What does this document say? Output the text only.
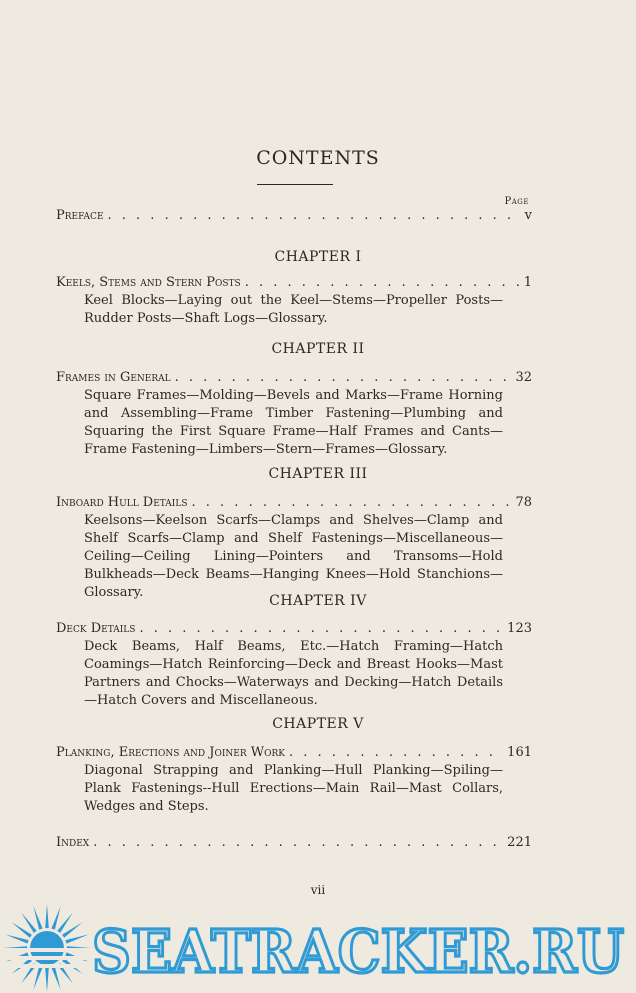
CONTENTS
Page
Preface . . .	v
CHAPTER I
Keels, Stems and Stern Posts . . .	1
Keel Blocks—Laying out the Keel—Stems—Propeller Posts—Rudder Posts—Shaft Logs—Glossary.
CHAPTER II
Frames in General . . .	32
Square Frames—Molding—Bevels and Marks—Frame Horning and Assembling—Frame Timber Fastening—Plumbing and Squaring the First Square Frame—Half Frames and Cants—Frame Fastening—Limbers—Stern—Frames—Glossary.
CHAPTER III
Inboard Hull Details . . .	78
Keelsons—Keelson Scarfs—Clamps and Shelves—Clamp and Shelf Scarfs—Clamp and Shelf Fastenings—Miscellaneous—Ceiling—Ceiling Lining—Pointers and Transoms—Hold Bulkheads—Deck Beams—Hanging Knees—Hold Stanchions—Glossary.
CHAPTER IV
Deck Details . . .	123
Deck Beams, Half Beams, Etc.—Hatch Framing—Hatch Coamings—Hatch Reinforcing—Deck and Breast Hooks—Mast Partners and Chocks—Waterways and Decking—Hatch Details—Hatch Covers and Miscellaneous.
CHAPTER V
Planking, Erections and Joiner Work . . .	161
Diagonal Strapping and Planking—Hull Planking—Spiling—Plank Fastenings--Hull Erections—Main Rail—Mast Collars, Wedges and Steps.
Index . . .	221
vii
SEATRACKER.RU
